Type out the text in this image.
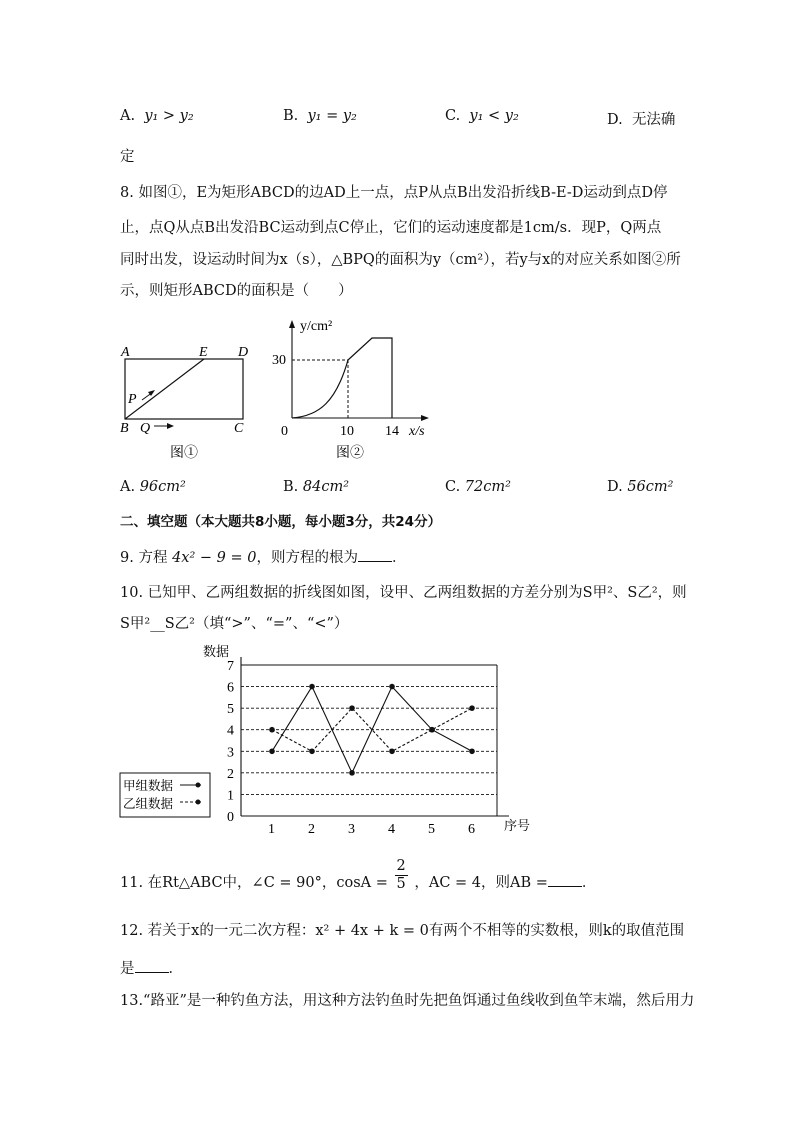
A. y₁ > y₂	B. y₁ = y₂	C. y₁ < y₂	D. 无法确
定
8. 如图①，E为矩形ABCD的边AD上一点，点P从点B出发沿折线B-E-D运动到点D停
止，点Q从点B出发沿BC运动到点C停止，它们的运动速度都是1cm/s．现P，Q两点
同时出发，设运动时间为x（s），△BPQ的面积为y（cm²），若y与x的对应关系如图②所
示，则矩形ABCD的面积是（　　）
A	E D
B	C
P
Q
图①
y/cm²
30
0	10 14 x/s
图②
A. 96cm²	B. 84cm²	C. 72cm²	D. 56cm²
二、填空题（本大题共8小题，每小题3分，共24分）
9. 方程 4x² − 9 = 0，则方程的根为 ．
10. 已知甲、乙两组数据的折线图如图，设甲、乙两组数据的方差分别为S甲²、S乙²，则
S甲²__S乙²（填“>”、“=”、“<”）
数据
序号
0
1
2
3
4
5
6
7
1 2 3 4 5 6
甲组数据
乙组数据
11. 在Rt△ABC中，∠C = 90°，$\cos A = \frac{2}{5}$ ，AC = 4，则AB = ．
12. 若关于x的一元二次方程：x² + 4x + k = 0有两个不相等的实数根，则k的取值范围
是 ．
13.“路亚”是一种钓鱼方法，用这种方法钓鱼时先把鱼饵通过鱼线收到鱼竿末端，然后用力
